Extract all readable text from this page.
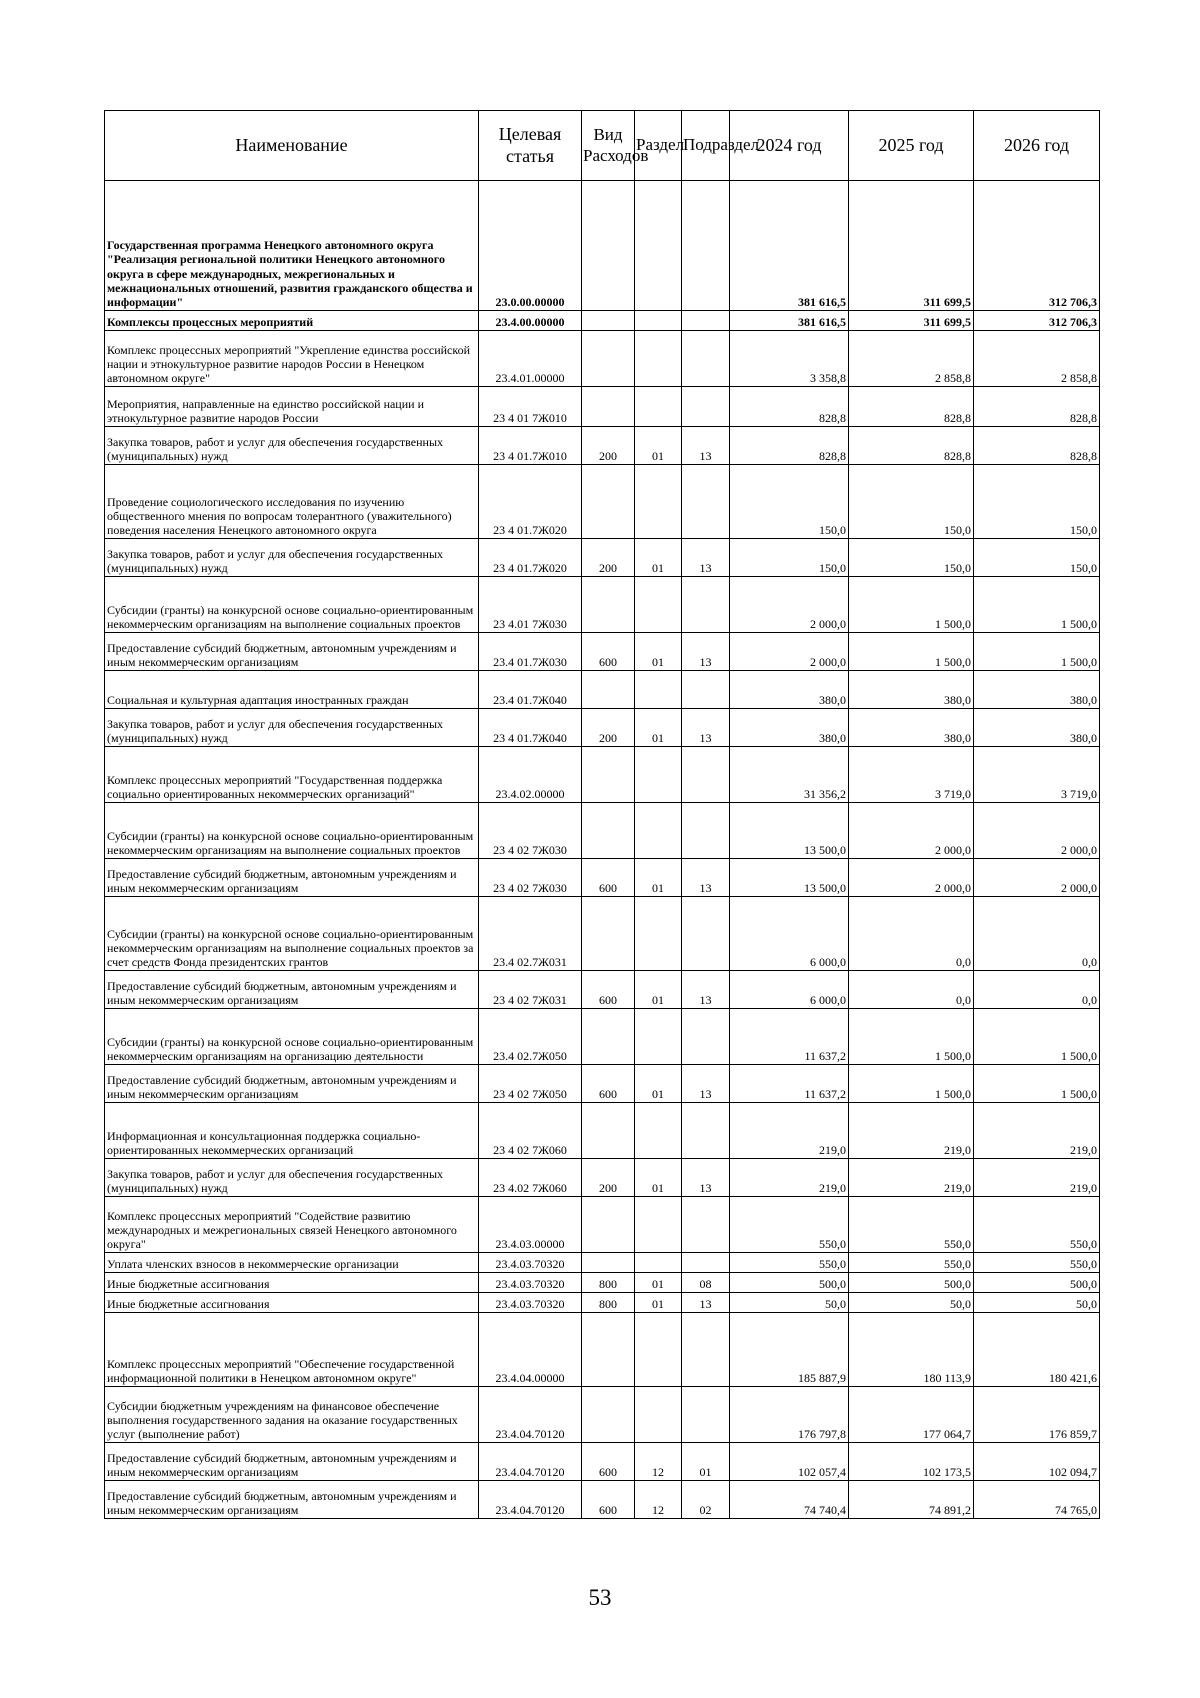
Наименование	Целевая статья	Вид Расходов	Раздел	Подраздел	2024 год	2025 год	2026 год
Государственная программа Ненецкого автономного округа "Реализация региональной политики Ненецкого автономного округа в сфере международных, межрегиональных и межнациональных отношений, развития гражданского общества и информации"	23.0.00.00000				381 616,5	311 699,5	312 706,3
Комплексы процессных мероприятий	23.4.00.00000				381 616,5	311 699,5	312 706,3
Комплекс процессных мероприятий "Укрепление единства российской нации и этнокультурное развитие народов России в Ненецком автономном округе"	23.4.01.00000				3 358,8	2 858,8	2 858,8
Мероприятия, направленные на единство российской нации и этнокультурное развитие народов России	23 4 01 7Ж010				828,8	828,8	828,8
Закупка товаров, работ и услуг для обеспечения государственных (муниципальных) нужд	23 4 01.7Ж010	200	01	13	828,8	828,8	828,8
Проведение социологического исследования по изучению общественного мнения по вопросам толерантного (уважительного) поведения населения Ненецкого автономного округа	23 4 01.7Ж020				150,0	150,0	150,0
Закупка товаров, работ и услуг для обеспечения государственных (муниципальных) нужд	23 4 01.7Ж020	200	01	13	150,0	150,0	150,0
Субсидии (гранты) на конкурсной основе социально-ориентированным некоммерческим организациям на выполнение социальных проектов	23 4.01 7Ж030				2 000,0	1 500,0	1 500,0
Предоставление субсидий бюджетным, автономным учреждениям и иным некоммерческим организациям	23.4 01.7Ж030	600	01	13	2 000,0	1 500,0	1 500,0
Социальная и культурная адаптация иностранных граждан	23.4 01.7Ж040				380,0	380,0	380,0
Закупка товаров, работ и услуг для обеспечения государственных (муниципальных) нужд	23 4 01.7Ж040	200	01	13	380,0	380,0	380,0
Комплекс процессных мероприятий "Государственная поддержка социально ориентированных некоммерческих организаций"	23.4.02.00000				31 356,2	3 719,0	3 719,0
Субсидии (гранты) на конкурсной основе социально-ориентированным некоммерческим организациям на выполнение социальных проектов	23 4 02 7Ж030				13 500,0	2 000,0	2 000,0
Предоставление субсидий бюджетным, автономным учреждениям и иным некоммерческим организациям	23 4 02 7Ж030	600	01	13	13 500,0	2 000,0	2 000,0
Субсидии (гранты) на конкурсной основе социально-ориентированным некоммерческим организациям на выполнение социальных проектов за счет средств Фонда президентских грантов	23.4 02.7Ж031				6 000,0	0,0	0,0
Предоставление субсидий бюджетным, автономным учреждениям и иным некоммерческим организациям	23 4 02 7Ж031	600	01	13	6 000,0	0,0	0,0
Субсидии (гранты) на конкурсной основе социально-ориентированным некоммерческим организациям на организацию деятельности	23.4 02.7Ж050				11 637,2	1 500,0	1 500,0
Предоставление субсидий бюджетным, автономным учреждениям и иным некоммерческим организациям	23 4 02 7Ж050	600	01	13	11 637,2	1 500,0	1 500,0
Информационная и консультационная поддержка социально-ориентированных некоммерческих организаций	23 4 02 7Ж060				219,0	219,0	219,0
Закупка товаров, работ и услуг для обеспечения государственных (муниципальных) нужд	23 4.02 7Ж060	200	01	13	219,0	219,0	219,0
Комплекс процессных мероприятий "Содействие развитию международных и межрегиональных связей Ненецкого автономного округа"	23.4.03.00000				550,0	550,0	550,0
Уплата членских взносов в некоммерческие организации	23.4.03.70320				550,0	550,0	550,0
Иные бюджетные ассигнования	23.4.03.70320	800	01	08	500,0	500,0	500,0
Иные бюджетные ассигнования	23.4.03.70320	800	01	13	50,0	50,0	50,0
Комплекс процессных мероприятий "Обеспечение государственной информационной политики в Ненецком автономном округе"	23.4.04.00000				185 887,9	180 113,9	180 421,6
Субсидии бюджетным учреждениям на финансовое обеспечение выполнения государственного задания на оказание государственных услуг (выполнение работ)	23.4.04.70120				176 797,8	177 064,7	176 859,7
Предоставление субсидий бюджетным, автономным учреждениям и иным некоммерческим организациям	23.4.04.70120	600	12	01	102 057,4	102 173,5	102 094,7
Предоставление субсидий бюджетным, автономным учреждениям и иным некоммерческим организациям	23.4.04.70120	600	12	02	74 740,4	74 891,2	74 765,0
53
